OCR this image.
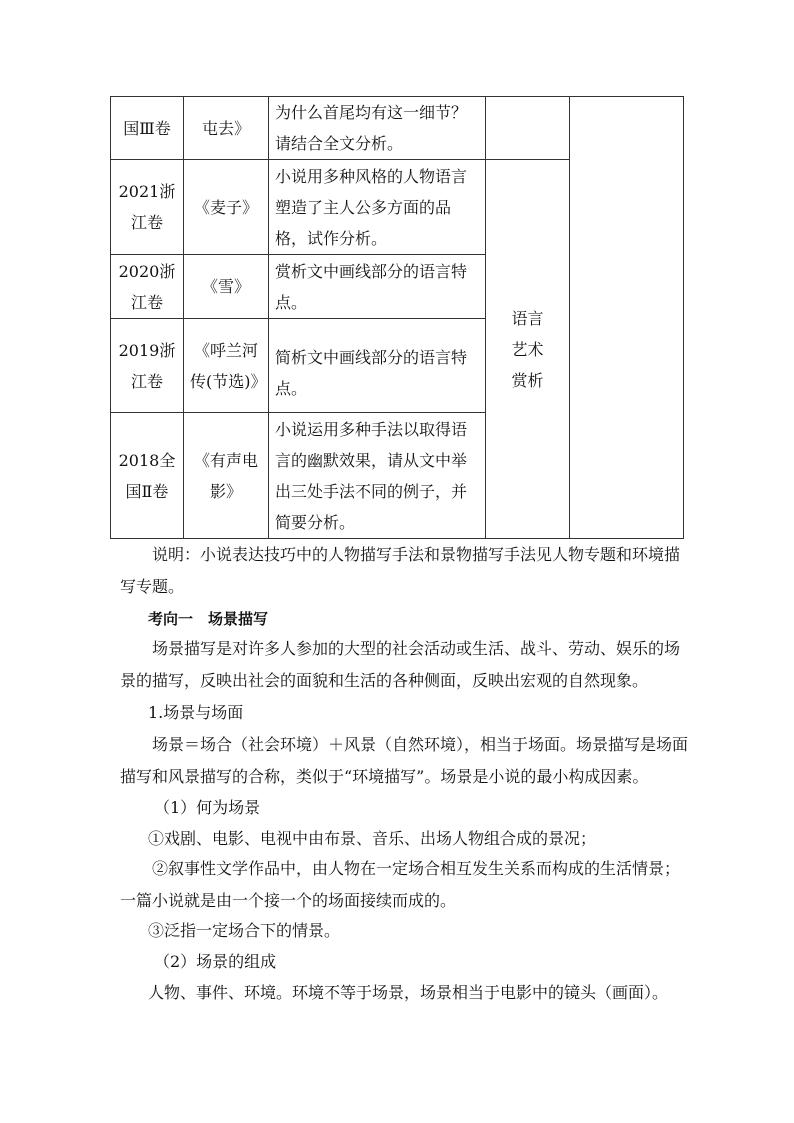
国Ⅲ卷	屯去》	为什么首尾均有这一细节？请结合全文分析。		
2021浙江卷	《麦子》	小说用多种风格的人物语言塑造了主人公多方面的品格，试作分析。	语言艺术赏析	
2020浙江卷	《雪》	赏析文中画线部分的语言特点。		
2019浙江卷	《呼兰河传(节选)》	简析文中画线部分的语言特点。		
2018全国Ⅱ卷	《有声电影》	小说运用多种手法以取得语言的幽默效果，请从文中举出三处手法不同的例子，并简要分析。		

说明：小说表达技巧中的人物描写手法和景物描写手法见人物专题和环境描写专题。

考向一　场景描写

场景描写是对许多人参加的大型的社会活动或生活、战斗、劳动、娱乐的场景的描写，反映出社会的面貌和生活的各种侧面，反映出宏观的自然现象。

1.场景与场面

场景＝场合（社会环境）＋风景（自然环境），相当于场面。场景描写是场面描写和风景描写的合称，类似于“环境描写”。场景是小说的最小构成因素。

（1）何为场景

①戏剧、电影、电视中由布景、音乐、出场人物组合成的景况；

②叙事性文学作品中，由人物在一定场合相互发生关系而构成的生活情景；一篇小说就是由一个接一个的场面接续而成的。

③泛指一定场合下的情景。

（2）场景的组成

人物、事件、环境。环境不等于场景，场景相当于电影中的镜头（画面）。
